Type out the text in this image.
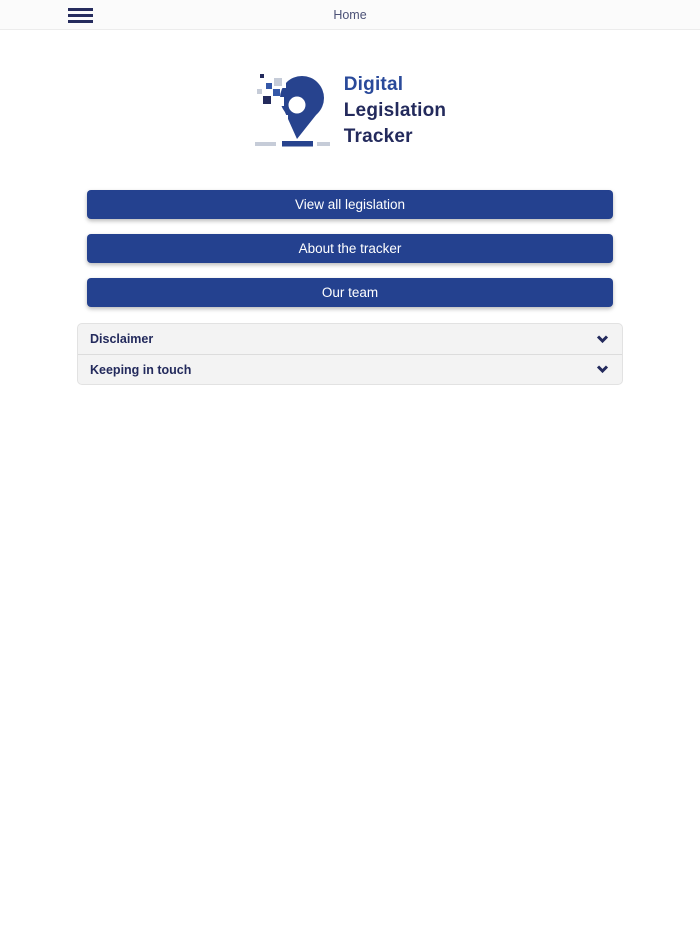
Home
Digital
Legislation
Tracker
View all legislation
About the tracker
Our team
Disclaimer
Keeping in touch
